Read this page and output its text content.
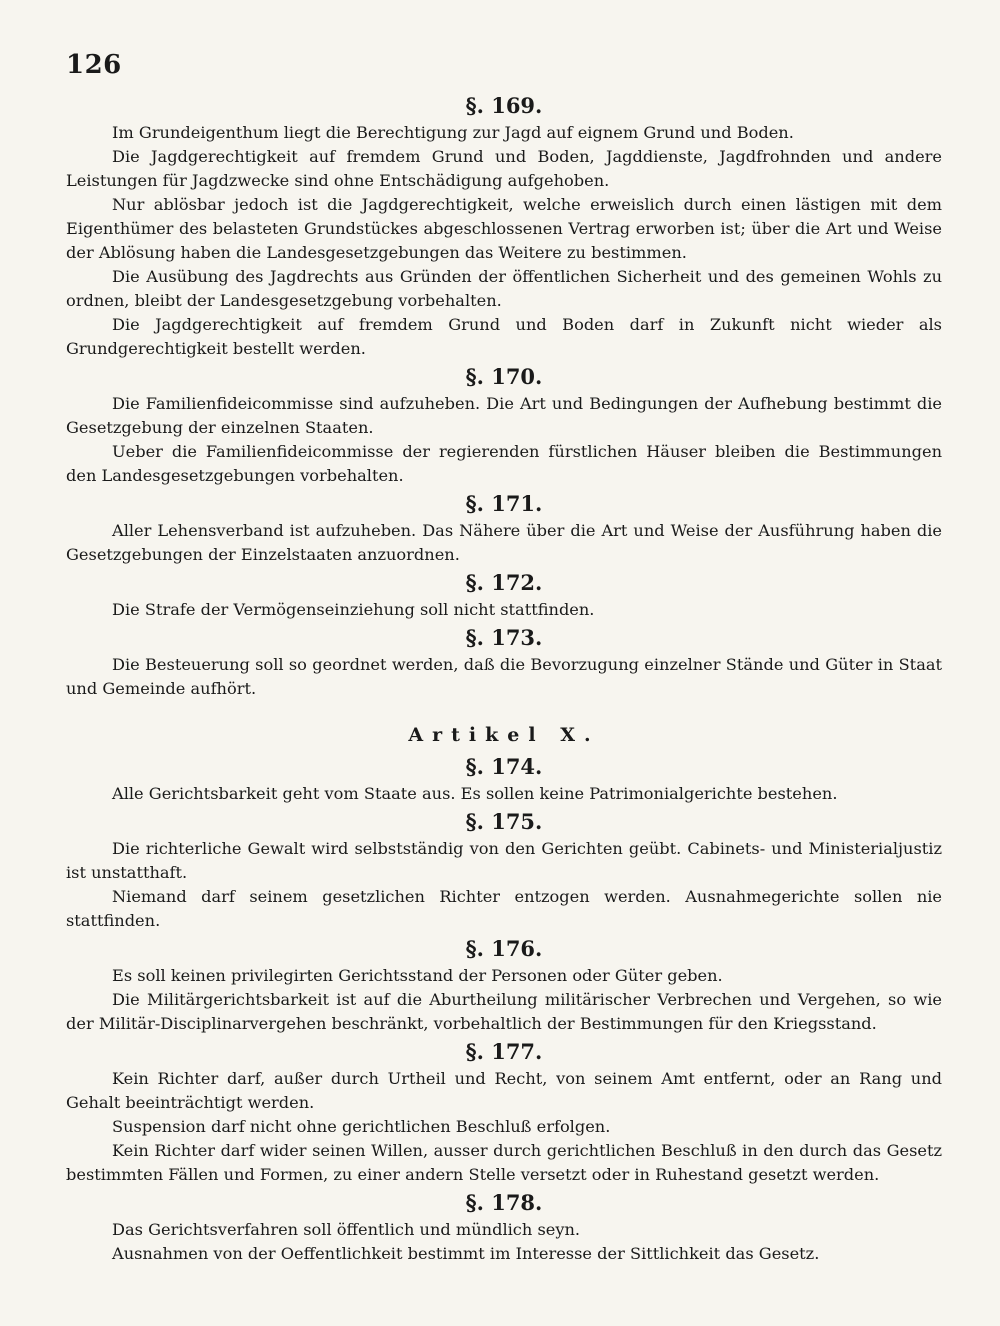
126
§. 169.

Im Grundeigenthum liegt die Berechtigung zur Jagd auf eignem Grund und Boden.

Die Jagdgerechtigkeit auf fremdem Grund und Boden, Jagddienste, Jagdfrohnden und andere Leistungen für Jagdzwecke sind ohne Entschädigung aufgehoben.

Nur ablösbar jedoch ist die Jagdgerechtigkeit, welche erweislich durch einen lästigen mit dem Eigenthümer des belasteten Grundstückes abgeschlossenen Vertrag erworben ist; über die Art und Weise der Ablösung haben die Landesgesetzgebungen das Weitere zu bestimmen.

Die Ausübung des Jagdrechts aus Gründen der öffentlichen Sicherheit und des gemeinen Wohls zu ordnen, bleibt der Landesgesetzgebung vorbehalten.

Die Jagdgerechtigkeit auf fremdem Grund und Boden darf in Zukunft nicht wieder als Grundgerechtigkeit bestellt werden.

§. 170.

Die Familienfideicommisse sind aufzuheben. Die Art und Bedingungen der Aufhebung bestimmt die Gesetzgebung der einzelnen Staaten.

Ueber die Familienfideicommisse der regierenden fürstlichen Häuser bleiben die Bestimmungen den Landesgesetzgebungen vorbehalten.

§. 171.

Aller Lehensverband ist aufzuheben. Das Nähere über die Art und Weise der Ausführung haben die Gesetzgebungen der Einzelstaaten anzuordnen.

§. 172.

Die Strafe der Vermögenseinziehung soll nicht stattfinden.

§. 173.

Die Besteuerung soll so geordnet werden, daß die Bevorzugung einzelner Stände und Güter in Staat und Gemeinde aufhört.

Artikel X.
§. 174.

Alle Gerichtsbarkeit geht vom Staate aus. Es sollen keine Patrimonialgerichte bestehen.

§. 175.

Die richterliche Gewalt wird selbstständig von den Gerichten geübt. Cabinets- und Ministerialjustiz ist unstatthaft.

Niemand darf seinem gesetzlichen Richter entzogen werden. Ausnahmegerichte sollen nie stattfinden.

§. 176.

Es soll keinen privilegirten Gerichtsstand der Personen oder Güter geben.

Die Militärgerichtsbarkeit ist auf die Aburtheilung militärischer Verbrechen und Vergehen, so wie der Militär-Disciplinarvergehen beschränkt, vorbehaltlich der Bestimmungen für den Kriegsstand.

§. 177.

Kein Richter darf, außer durch Urtheil und Recht, von seinem Amt entfernt, oder an Rang und Gehalt beeinträchtigt werden.

Suspension darf nicht ohne gerichtlichen Beschluß erfolgen.

Kein Richter darf wider seinen Willen, ausser durch gerichtlichen Beschluß in den durch das Gesetz bestimmten Fällen und Formen, zu einer andern Stelle versetzt oder in Ruhestand gesetzt werden.

§. 178.

Das Gerichtsverfahren soll öffentlich und mündlich seyn.

Ausnahmen von der Oeffentlichkeit bestimmt im Interesse der Sittlichkeit das Gesetz.
